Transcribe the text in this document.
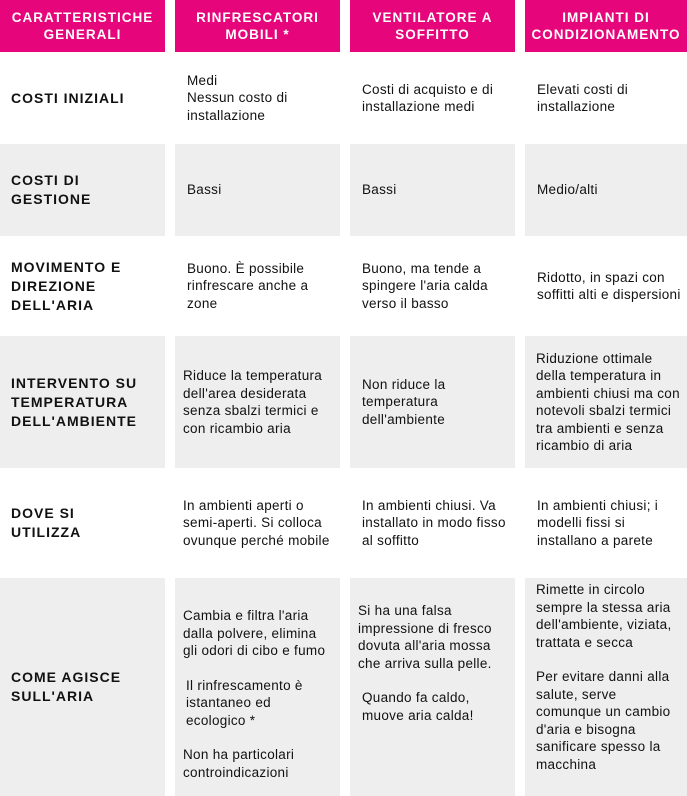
CARATTERISTICHE GENERALI
RINFRESCATORI MOBILI *
VENTILATORE A SOFFITTO
IMPIANTI DI CONDIZIONAMENTO
COSTI INIZIALI
Medi
Nessun costo di installazione
Costi di acquisto e di installazione medi
Elevati costi di installazione
COSTI DI GESTIONE
Bassi	Bassi	Medio/alti
MOVIMENTO E DIREZIONE DELL'ARIA
Buono. È possibile rinfrescare anche a zone
Buono, ma tende a spingere l'aria calda verso il basso
Ridotto, in spazi con soffitti alti e dispersioni
INTERVENTO SU TEMPERATURA DELL'AMBIENTE
Riduce la temperatura dell'area desiderata senza sbalzi termici e con ricambio aria
Non riduce la temperatura dell'ambiente
Riduzione ottimale della temperatura in ambienti chiusi ma con notevoli sbalzi termici tra ambienti e senza ricambio di aria
DOVE SI UTILIZZA
In ambienti aperti o semi-aperti. Si colloca ovunque perché mobile
In ambienti chiusi. Va installato in modo fisso al soffitto
In ambienti chiusi; i modelli fissi si installano a parete
COME AGISCE SULL'ARIA
Cambia e filtra l'aria dalla polvere, elimina gli odori di cibo e fumo
Il rinfrescamento è istantaneo ed ecologico *
Non ha particolari controindicazioni
Si ha una falsa impressione di fresco dovuta all'aria mossa che arriva sulla pelle.
Quando fa caldo, muove aria calda!
Rimette in circolo sempre la stessa aria dell'ambiente, viziata, trattata e secca
Per evitare danni alla salute, serve comunque un cambio d'aria e bisogna sanificare spesso la macchina
